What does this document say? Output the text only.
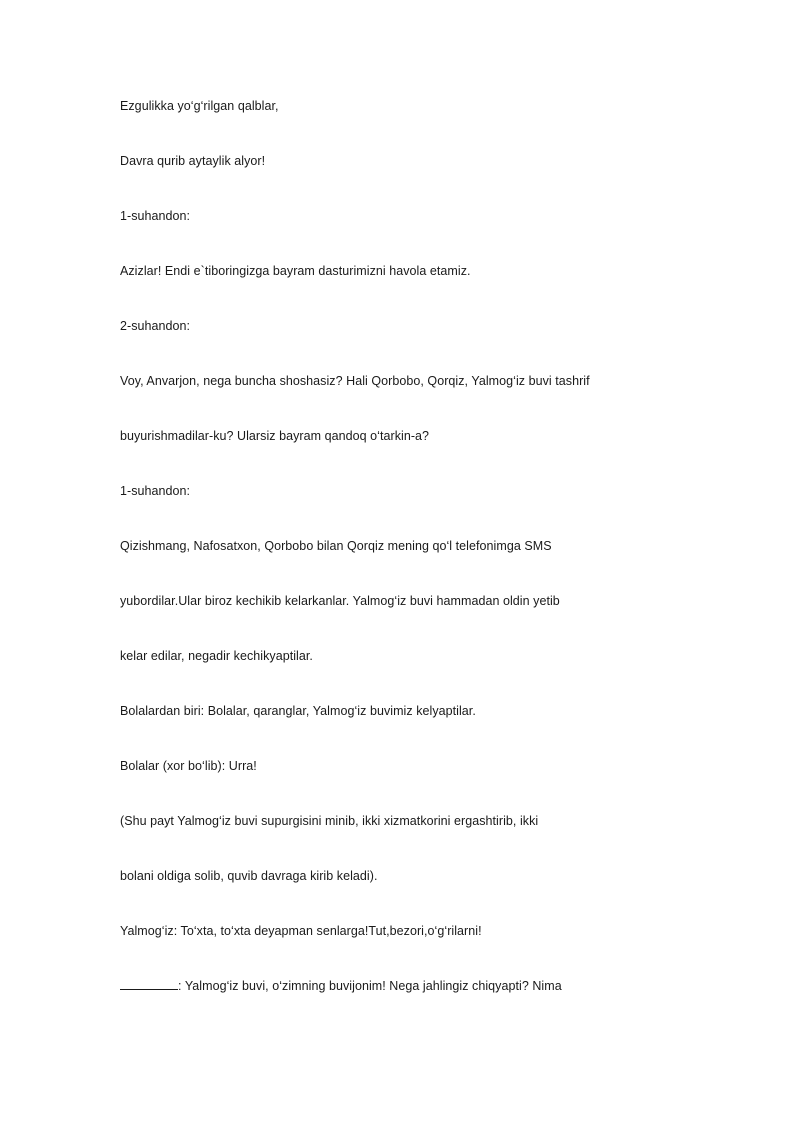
Ezgulikka yo‘g‘rilgan qalblar,
Davra qurib aytaylik alyor!
1-suhandon:
Azizlar! Endi e`tiboringizga bayram dasturimizni havola etamiz.
2-suhandon:
Voy, Anvarjon, nega buncha shoshasiz? Hali Qorbobo, Qorqiz, Yalmog‘iz buvi tashrif
buyurishmadilar-ku? Ularsiz bayram qandoq o‘tarkin-a?
1-suhandon:
Qizishmang, Nafosatxon, Qorbobo bilan Qorqiz mening qo‘l telefonimga SMS
yubordilar.Ular biroz kechikib kelarkanlar. Yalmog‘iz buvi hammadan oldin yetib
kelar edilar, negadir kechikyaptilar.
Bolalardan biri: Bolalar, qaranglar, Yalmog‘iz buvimiz kelyaptilar.
Bolalar (xor bo‘lib): Urra!
(Shu payt Yalmog‘iz buvi supurgisini minib, ikki xizmatkorini ergashtirib, ikki
bolani oldiga solib, quvib davraga kirib keladi).
Yalmog‘iz: To‘xta, to‘xta deyapman senlarga!Tut,bezori,o‘g‘rilarni!
: Yalmog‘iz buvi, o‘zimning buvijonim! Nega jahlingiz chiqyapti? Nima
